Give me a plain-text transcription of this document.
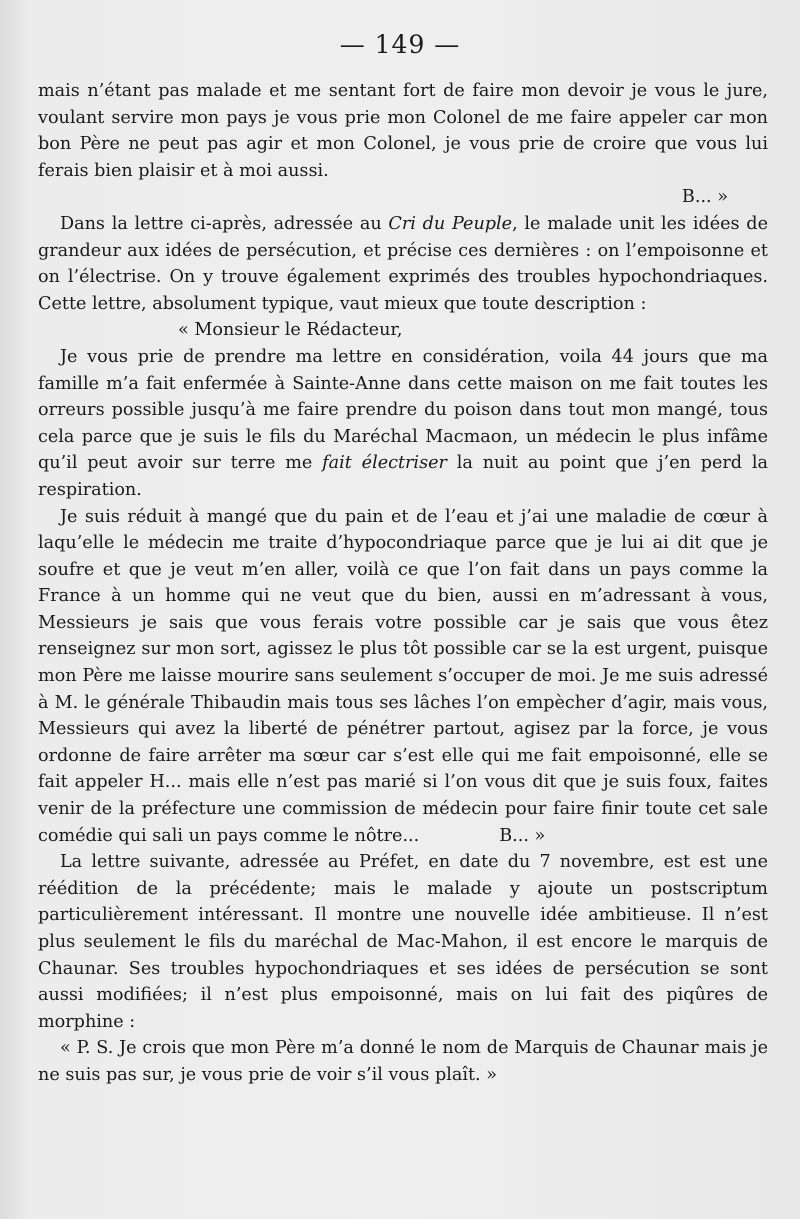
— 149 —

mais n’étant pas malade et me sentant fort de faire mon devoir je vous le jure, voulant servire mon pays je vous prie mon Colonel de me faire appeler car mon bon Père ne peut pas agir et mon Colonel, je vous prie de croire que vous lui ferais bien plaisir et à moi aussi.

B... »

Dans la lettre ci-après, adressée au Cri du Peuple, le malade unit les idées de grandeur aux idées de persécution, et précise ces dernières : on l’empoisonne et on l’électrise. On y trouve également exprimés des troubles hypochondriaques. Cette lettre, absolument typique, vaut mieux que toute description :

« Monsieur le Rédacteur,

Je vous prie de prendre ma lettre en considération, voila 44 jours que ma famille m’a fait enfermée à Sainte-Anne dans cette maison on me fait toutes les orreurs possible jusqu’à me faire prendre du poison dans tout mon mangé, tous cela parce que je suis le fils du Maréchal Macmaon, un médecin le plus infâme qu’il peut avoir sur terre me fait électriser la nuit au point que j’en perd la respiration.

Je suis réduit à mangé que du pain et de l’eau et j’ai une maladie de cœur à laqu’elle le médecin me traite d’hypocondriaque parce que je lui ai dit que je soufre et que je veut m’en aller, voilà ce que l’on fait dans un pays comme la France à un homme qui ne veut que du bien, aussi en m’adressant à vous, Messieurs je sais que vous ferais votre possible car je sais que vous êtez renseignez sur mon sort, agissez le plus tôt possible car se la est urgent, puisque mon Père me laisse mourire sans seulement s’occuper de moi. Je me suis adressé à M. le générale Thibaudin mais tous ses lâches l’on empècher d’agir, mais vous, Messieurs qui avez la liberté de pénétrer partout, agisez par la force, je vous ordonne de faire arrêter ma sœur car s’est elle qui me fait empoisonné, elle se fait appeler H... mais elle n’est pas marié si l’on vous dit que je suis foux, faites venir de la préfecture une commission de médecin pour faire finir toute cet sale comédie qui sali un pays comme le nôtre...	B... »

La lettre suivante, adressée au Préfet, en date du 7 novembre, est est une réédition de la précédente; mais le malade y ajoute un postscriptum particulièrement intéressant. Il montre une nouvelle idée ambitieuse. Il n’est plus seulement le fils du maréchal de Mac-Mahon, il est encore le marquis de Chaunar. Ses troubles hypochondriaques et ses idées de persécution se sont aussi modifiées; il n’est plus empoisonné, mais on lui fait des piqûres de morphine :

« P. S. Je crois que mon Père m’a donné le nom de Marquis de Chaunar mais je ne suis pas sur, je vous prie de voir s’il vous plaît. »
